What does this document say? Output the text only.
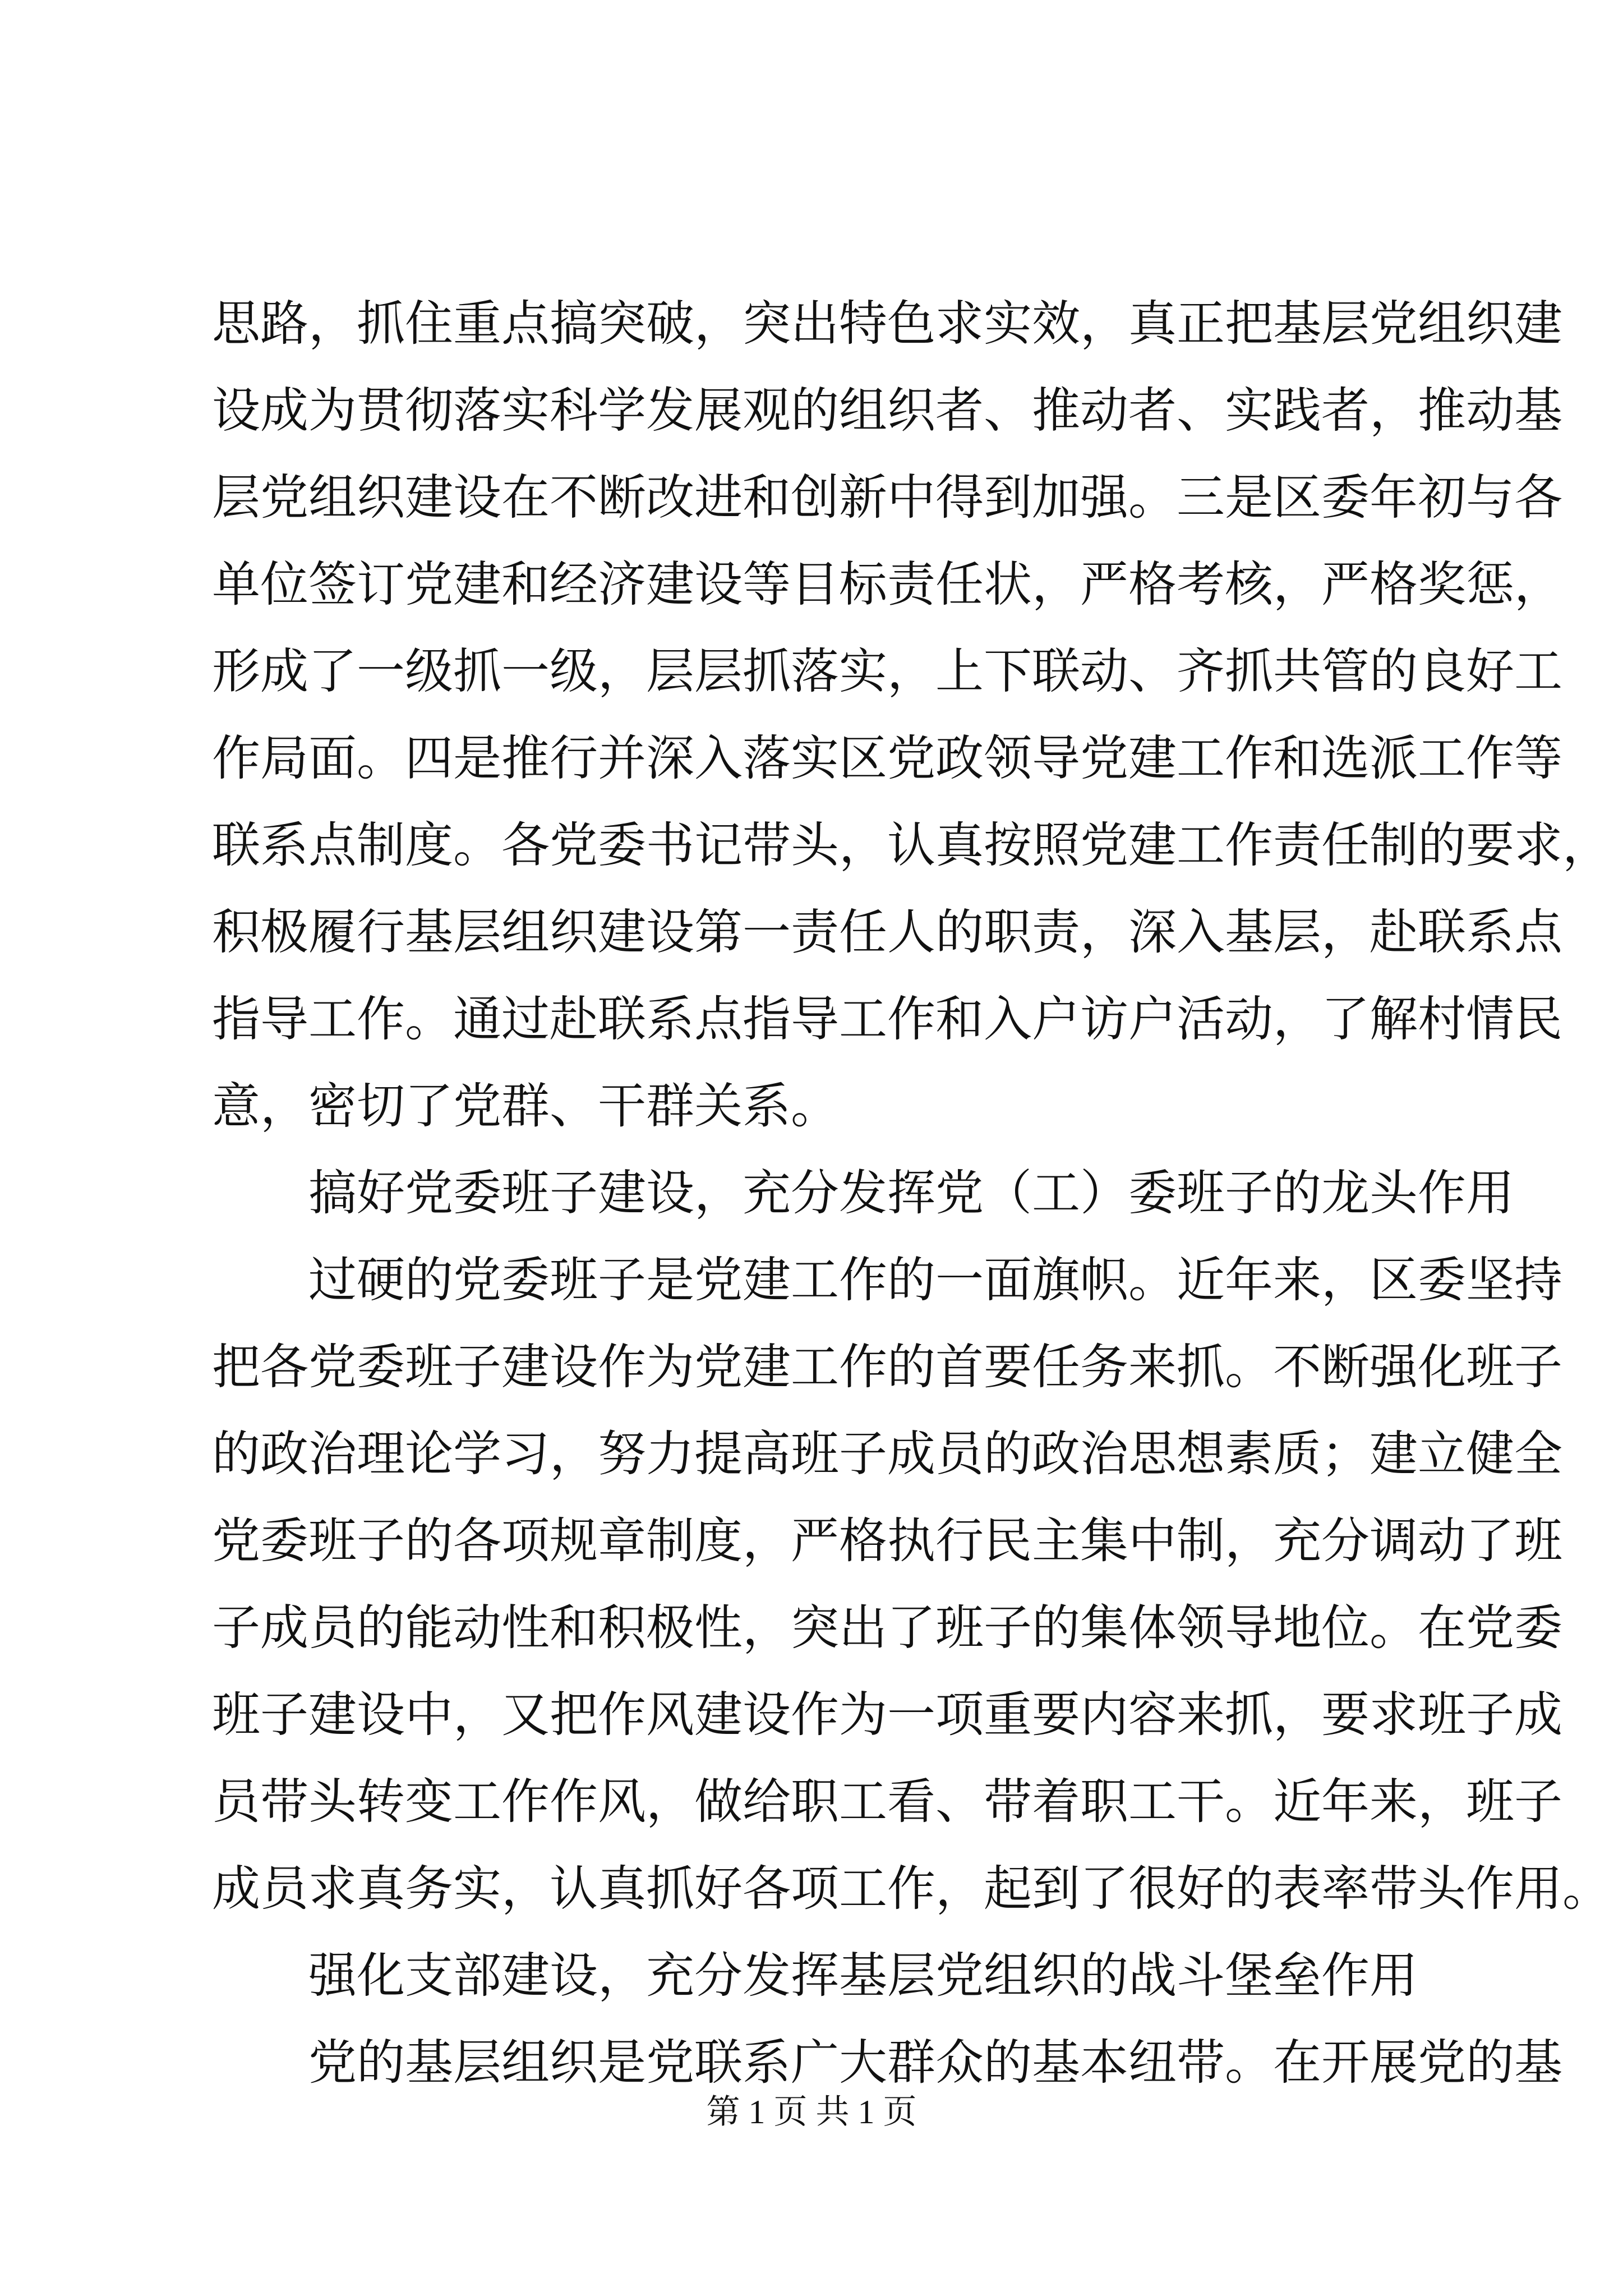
思路，抓住重点搞突破，突出特色求实效，真正把基层党组织建
设成为贯彻落实科学发展观的组织者、推动者、实践者，推动基
层党组织建设在不断改进和创新中得到加强。三是区委年初与各
单位签订党建和经济建设等目标责任状，严格考核，严格奖惩，
形成了一级抓一级，层层抓落实，上下联动、齐抓共管的良好工
作局面。四是推行并深入落实区党政领导党建工作和选派工作等
联系点制度。各党委书记带头，认真按照党建工作责任制的要求，
积极履行基层组织建设第一责任人的职责，深入基层，赴联系点
指导工作。通过赴联系点指导工作和入户访户活动，了解村情民
意，密切了党群、干群关系。
搞好党委班子建设，充分发挥党（工）委班子的龙头作用
过硬的党委班子是党建工作的一面旗帜。近年来，区委坚持
把各党委班子建设作为党建工作的首要任务来抓。不断强化班子
的政治理论学习，努力提高班子成员的政治思想素质；建立健全
党委班子的各项规章制度，严格执行民主集中制，充分调动了班
子成员的能动性和积极性，突出了班子的集体领导地位。在党委
班子建设中，又把作风建设作为一项重要内容来抓，要求班子成
员带头转变工作作风，做给职工看、带着职工干。近年来，班子
成员求真务实，认真抓好各项工作，起到了很好的表率带头作用。
强化支部建设，充分发挥基层党组织的战斗堡垒作用
党的基层组织是党联系广大群众的基本纽带。在开展党的基
第 1 页 共 1 页
